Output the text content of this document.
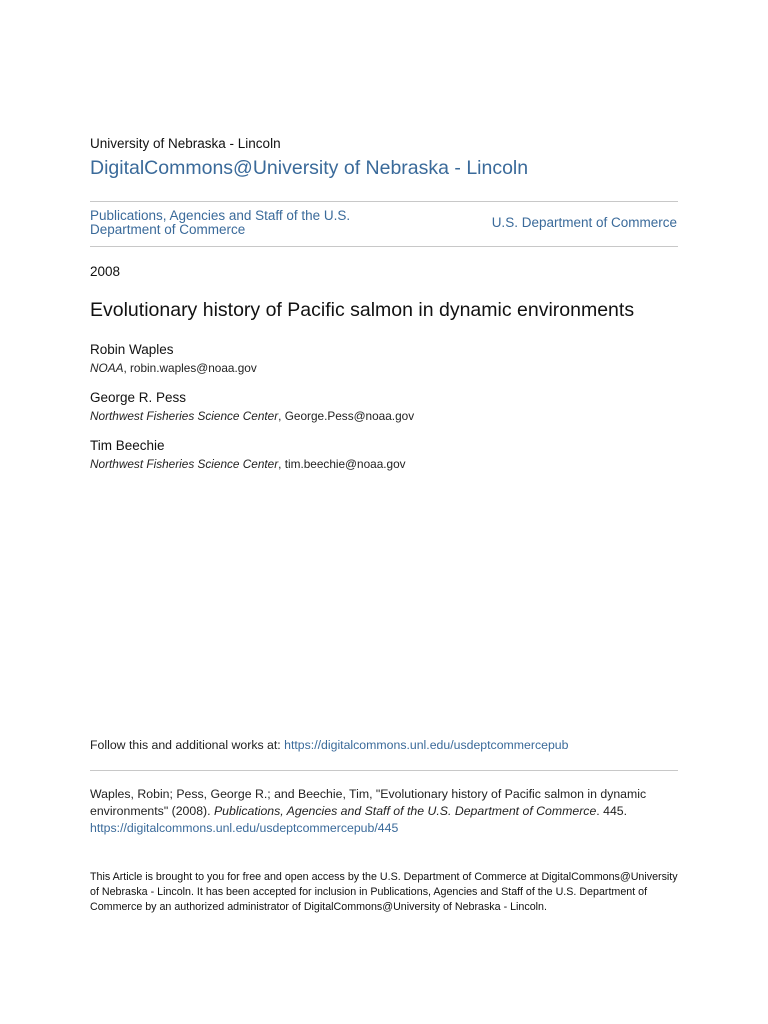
University of Nebraska - Lincoln
DigitalCommons@University of Nebraska - Lincoln
Publications, Agencies and Staff of the U.S. Department of Commerce	U.S. Department of Commerce
2008
Evolutionary history of Pacific salmon in dynamic environments
Robin Waples
NOAA, robin.waples@noaa.gov
George R. Pess
Northwest Fisheries Science Center, George.Pess@noaa.gov
Tim Beechie
Northwest Fisheries Science Center, tim.beechie@noaa.gov
Follow this and additional works at: https://digitalcommons.unl.edu/usdeptcommercepub
Waples, Robin; Pess, George R.; and Beechie, Tim, "Evolutionary history of Pacific salmon in dynamic environments" (2008). Publications, Agencies and Staff of the U.S. Department of Commerce. 445.
https://digitalcommons.unl.edu/usdeptcommercepub/445
This Article is brought to you for free and open access by the U.S. Department of Commerce at DigitalCommons@University of Nebraska - Lincoln. It has been accepted for inclusion in Publications, Agencies and Staff of the U.S. Department of Commerce by an authorized administrator of DigitalCommons@University of Nebraska - Lincoln.
